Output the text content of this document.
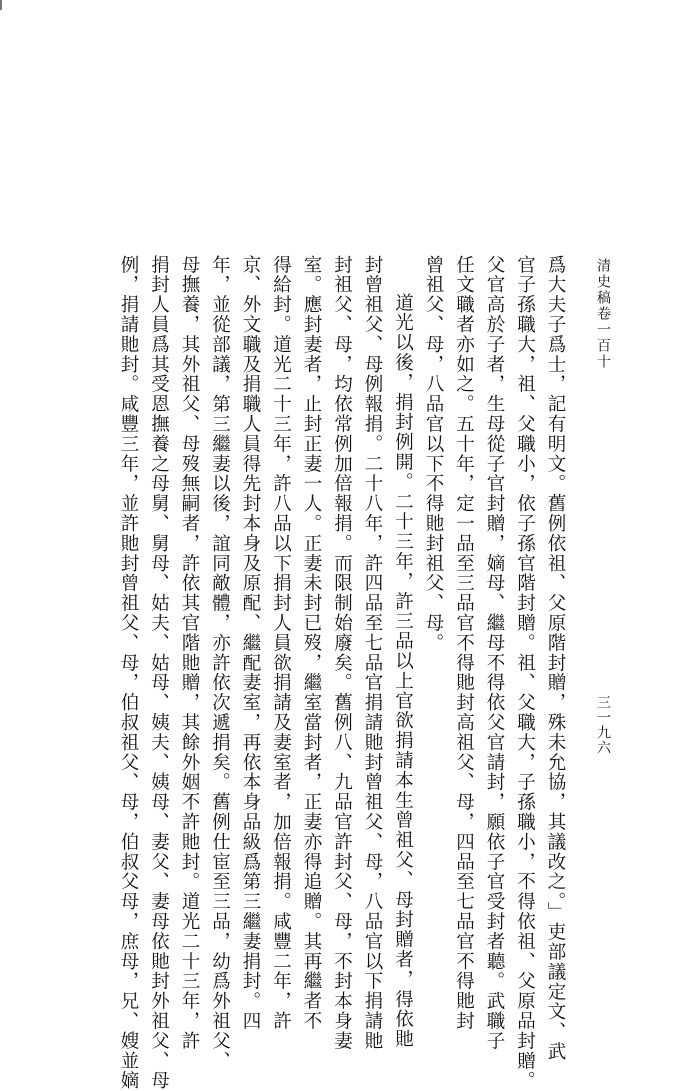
清史稿卷一百十
三一九六
爲大夫子爲士，記有明文。舊例依祖、父原階封贈，殊未允協，其議改之。」吏部議定文、武
官子孫職大，祖、父職小，依子孫官階封贈。祖、父職大，子孫職小，不得依祖、父原品封贈。
父官高於子者，生母從子官封贈，嫡母、繼母不得依父官請封，願依子官受封者聽。武職子
任文職者亦如之。五十年，定一品至三品官不得貤封高祖父、母，四品至七品官不得貤封
曾祖父、母，八品官以下不得貤封祖父、母。
道光以後，捐封例開。二十三年，許三品以上官欲捐請本生曾祖父、母封贈者，得依貤
封曾祖父、母例報捐。二十八年，許四品至七品官捐請貤封曾祖父、母，八品官以下捐請貤
封祖父、母，均依常例加倍報捐。而限制始廢矣。舊例八、九品官許封父、母，不封本身妻
室。應封妻者，止封正妻一人。正妻未封已歿，繼室當封者，正妻亦得追贈。其再繼者不
得給封。道光二十三年，許八品以下捐封人員欲捐請及妻室者，加倍報捐。咸豐二年，許
京、外文職及捐職人員得先封本身及原配、繼配妻室，再依本身品級爲第三繼妻捐封。四
年，並從部議，第三繼妻以後，誼同敵體，亦許依次遞捐矣。舊例仕宦至三品，幼爲外祖父、
母撫養，其外祖父、母歿無嗣者，許依其官階貤贈，其餘外姻不許貤封。道光二十三年，許
捐封人員爲其受恩撫養之母舅、舅母、姑夫、姑母、姨夫、姨母、妻父、妻母依貤封外祖父、母
例，捐請貤封。咸豐三年，並許貤封曾祖父、母，伯叔祖父、母，伯叔父母，庶母，兄、嫂並嫡
